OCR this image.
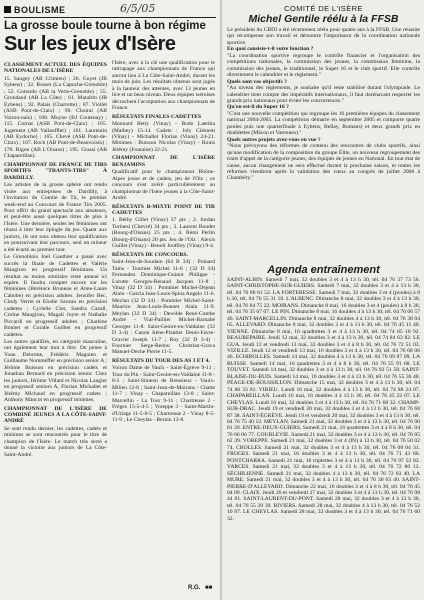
BOULISME	6/5/05
La grosse boule tourne à bon régime
Sur les jeux d'Isère

CLASSEMENT ACTUEL DES ÉQUIPES NATIONALES DE L'ISÈRE

15. Saugey (AB Crimieu) ; 26. Guyet (JB Sybens) ; 32. Rosset (La Capuche-Grenoble) ; 52. Gottardo (AB la Verte-Grenoble) ; 55. Grondand (AB La Côte) ; 61. Mandrin (JB Eybens) ; 92. Palais (Charrette) ; 87. Viollet (ASB Pont-de-Claix) ; 90. Choiral (AB Voiron-nais) ; 108. Moyne (BJ Coutenay) ; 115. Cornat (ASB Pont-de-Claix) ; 165. Jugement (AB Vallauffler) ; 161. Laurentin (AB Eydoche) ; 165. Chevé (ASB Pont-de-Claix) ; 167. Roch (AB Pont-de-Beauvoisin) ; 170. Rigon (AB L'Oisans) ; 195. Grassi (AB Chapareillan).

CHAMPIONNAT DE FRANCE DE TIRS SPORTIFS "TRANTS-TIRS" À DARDILLY.

Les artistes de la grosse sphère ont rendu visite aux entreprises de Dardilly, à l'invitation du Comité de Tir, le premier week-end au Concours de France Tirs 2005. Pour offrir du grand spectacle aux amateurs, et peut-être aussi quelques titres de plus à l'Isère. Une dernière, seules les féminines ont réussi à tirer leur épingle du jeu. Quant aux juniors, ils ont tous obtenu leur qualification en poursuivant leur parcours, seul un mineur a été écarté au premier tour.

Le Grenoblois Joel Gauthier a passé avec succès la finale de Cadettes et Valérie Maugiron en progressif féminines. Un résultat au moins similaire reste amené ici espère. Il faudra compter encore sur les féminines (Bérénice Bruneau et Anne-Laure Cabobe) en précision adultes. Jennifer Bec, Cindy Verret et Elodie Saveau en précision cadettes ; Cyrielle Clot, Sandra Cazall, Corine Maugiron, Magali Joyre et Nathalie Piccardi en progressif adultes ; Charlène Bonnet et Coralie Guilhet en progressif cadettes.

Les autres qualifiés, en catégorie masculine, ont également leur mot à dire. On pense à Yoan Delorme, Frédéric Magnien et Guillaume Nomméffer en précision senior A ; Jérôme Buisson en précision cadets et Jonathan Bernard en précision senior. Chez les juniors, Jérôme Villard et Nicolas Langier en progressif seniors A, Florian Michallet et Jérémy Michaud en progressif cadets ; Anthony Mancot en progressif minimes.

CHAMPIONNAT DE L'ISÈRE DE COMBINÉ JEUNES À LA CÔTE-SAINT-ANDRÉ

Se sont rendu dernier, les cadettes, cadets et minimes se sont rencontrés pour le titre de champion de l'Isère. Le match très serré a donné la victoire aux juniors de La Côte-Saint-André.

l'Isère, avec à la clé une qualification pour le rattrapage aux championnats de France qui auront lieu à La Côte-Saint-André, durant les mois de juin. Les résultats obtenus sont jugés à la hauteur des attentes, avec 13 jeunes en lice et un beau niveau. Deux équipes iséroises décrochent l'acceptation aux championnats de France.

RÉSULTATS FINALES CADETTES

Monnard Betty (Vinay) - Bodo Laetitia (Mathey) 15-14. Cadets : Joly Clément (Vinay) - Michallet Florian (Vinay) 24-21. Minimes : Buisson Nicolas (Vinay) - Rouis Jérémy (Fontaine) 22-21.

CHAMPIONNAT DE L'ISÈRE BENJAMINS

Qualificatif pour le championnat Rhône-Alpes jeune et de cadets, jeu de l'Oiz ; ce concours s'est avéré particulièrement au championnat de l'Isère jeunes à la Côte-Saint-André.

RÉSULTATS B-MIXTE POINT DE TIR CADETTES

1. Béthy Gillet (Vinay) 37 pts ; 2. Jordan Torinesi (Chevré) 34 pts ; 3. Laurent Boudet (Bourg-d'Oisans) 25 pts ; 4. Rémi Perlin (Bourg-d'Oisans) 20 pts. Jeu de l'Oiz : Alexis Guillet (Vinay) - Benoît Jouffrey (Vinay) 9-4.

RÉSULTATS DE CONCOURS.

Saint-Jean-de-Soudain (64 B 34) : Poinard Tams - Tournier Michel 11-6 ; (32 D 34) Fernandez Dominique-Guinot Philippe - Lurotte Georges-Renaud Jacques 11-8 ; Vinay (32 D 34) : Pommier Michel-Dejean Alain - Garcia Jean-Louis-Spina Angelo 11-6. Meylan (32 D 34) : Pommier Michel-Saint-Maurice Jean-Louis-Bonnet Alain 11-9. Meylan (32 D 34) : Dewilde René-Combe André - Vial-Paillier Michel-Barnabé Georges 11-8. Saint-Geoire-en-Valdaine (32 D 3-4) : Canon Irène-Plantier Denis-Favre-Gravier Joseph 11-7 ; Roy (32 D 3-4) : Fournier Serge-Bedou Christian-Grava Manuel-Deche Pierre 11-5.

RÉSULTATS DU TOUR DES AS 3 ET 4.

Voiron Dame de Vaulx - Saint-Égrève 9-11 ; Tour du Pin - Saint-Geoire-en-Valdaine 11-8 - 8-5 ; Saint-Simeon de Bressieux - Vaulx-Milieu 12-8 ; Saint-Jean-de-Moirans - Chatte 11-7 ; Vinay - Chapareillan 13-8 ; Saint-Marcellin - La Tour 9-11 ; Chartreuse 2 - Fréges 15-5-4-5 ; Voreppe 3 - Saint-Martin-d'Uriage 11-5-8-5 ; Chartreuse 2 - Vinay 8-5-11-9 ; Le Cheylas - Bernin 13-8.

R.G. ■■
COMITÉ DE L'ISÈRE
Michel Gentile réélu à la FFSB

Le président du CBDI a été récemment réélu pour quatre ans à la FFSB. Une réussite qui récompense son travail et démontre l'importance de la coordination nationale sportive.

En quoi consiste-t-il votre fonction ?

"La coordination sportive regroupe le contrôle financier et l'organisation des compétitions nationales, la commission des jeunes, la commission féminine, la commission des jeunes, le traditionnel, le Super 16 et le club sportif. Elle contrôle directement le calendrier et le règlement."

Quels sont vos objectifs ?

"Au niveau des règlements, je souhaite qu'il reste stabilisé durant l'olympiade. Le calendrier tient compte des impératifs internationaux, il faut dorénavant respecter les grands prix nationaux pour éviter les concurrences."

Qu'en est-il du Super 16 ?

"C'est une nouvelle compétition qui regroupe les 16 premières équipes du classement national 2004-2005. La compétition démarre en septembre 2005 et comporte quatre poules puis une quarterfinale à Eybens, Bellay, Romans) et deux grands prix en doublettes (Mâcon et Varennes)."

Quels autres projets avez-vous en vue ?

"Nous prévoyons des réformes de contenu des rencontres de clubs sportifs, ainsi qu'une modification de la composition du groupe Élite, un nouveau regroupement des traits d'appel de la catégorie jeunes, des équipes de jeunes en National. En tout état de cause, aucun changement ne sera effectué durant la prochaine saison, et toutes les réformes viendront après la validation des vœux au congrès de juillet 2006 à Chambéry."

Agenda entraînement

SAINT-ALBIN. Samedi 7 mai, 32 doubles 3 et 4 à 13 h 30, tél. 04 76 37 73 56. SAINT-CHRISTOPHE-SUR-GUIERS. Samedi 7 mai, 32 doubles 3 et 4 à 13 h 30, tél. 04 76 88 61 52. LA FORTERESSE. Samedi 7 mai, 32 doubles 3 et 4 (poules) à 8 h 30, tél. 04 76 55 31 10. L'ALBENC. Dimanche 8 mai, 32 doubles 3 et 4 à 13 h 30, tél. 04 76 64 75 22. MOIRANS. Dimanche 8 mai, 16 doubles 3 et 4 (poules) à 8 h 30, tél. 04 76 35 67 07. LE PIN. Dimanche 8 mai, 16 doubles 4 à 13 h 30, tél. 04 76 06 57 46. SAINT-MARCELLIN. Dimanche 8 mai, 32 doubles 4 à 13 h 30, tél. 04 76 38 04 65. ALLEVARD. Dimanche 8 mai, 32 doubles 3 et 4 à 13 h 30, tél. 04 76 45 11 40. VIENNE. Dimanche 8 mai, 16 quadrettes 3 et 4 à 13 h 30, tél. 04 74 85 18 92. BEAUREPAIRE. Jeudi 12 mai, 32 doubles 3 et 4 à 13 h 30, tél. 04 74 84 63 82. LE GUA. Jeudi 12 et vendredi 13 mai, 32 doubles 3 et 4 à 8 h 30, tél. 04 76 72 51 03. VIZILLE. Jeudi 12 et vendredi 13 mai, 16 doubles 3 et 4 à 13 h 30, tél. 04 76 68 06 46. ECHIROLLES. Samedi 14 mai, 32 doubles 4 à 13 h 30, tél. 04 76 09 87 09. LA BUISSE. Samedi 14 mai, 16 quadrettes 3 et 4 à 8 h 30, tél. 04 76 55 91 68. LE TOUVET. Samedi 14 mai, 32 doubles 3 et 4 à 13 h 30, tél. 04 76 92 51 58. SAINT-BLAISE-DU-BUIS. Samedi 14 mai, 16 doubles 3 et 4 à 13 h 30, tél. 04 76 55 36 48. PÉAGE-DE-ROUSSILLON. Dimanche 15 mai, 32 doubles 3 et 4 à 13 h 30, tél. 04 74 86 33 81. VIRIEU. Lundi 16 mai, 32 doubles 4 à 13 h 30, tél. 04 74 88 24 07. CHAPAREILLAN. Lundi 16 mai, 16 doubles 4 à 13 h 30, tél. 04 76 45 22 07. LE CHEYLAS. Lundi 16 mai, 32 doubles 3 et 4 à 13 h 30, tél. 04 76 71 60 32. CHAMP-SUR-DRAC. Jeudi 19 et vendredi 20 mai, 32 doubles 3 et 4 à 13 h 30, tél. 04 76 68 87 38. SAINT-ÉGRÈVE. Jeudi 19 et vendredi 20 mai, 32 doubles 3 et 4 à 13 h 30, tél. 04 76 75 40 12. MEYLAN. Samedi 21 mai, 32 doubles 3 et 4 à 13 h 30, tél. 04 76 90 81 20. ENTRE-DEUX-GUIERS. Samedi 21 mai, 16 quadrettes 3 et 4 à 8 h 30, tél. 04 76 66 06 77. COUBLEVIE. Samedi 21 mai, 32 doubles 3 et 4 à 13 h 30, tél. 04 76 05 62 39. VOREPPE. Samedi 21 mai, 32 doubles 3 et 4 (IN) à 13 h 30, tél. 04 76 50 02 74. CROLLES. Samedi 21 mai, 32 doubles 3 et 4 à 13 h 30, tél. 04 76 08 04 31. FROGES. Samedi 21 mai, 16 doubles 3 et 4 à 13 h 30, tél. 04 76 71 43 86. PONTCHARRA. Samedi 21 mai, 16 triplettes 3 et 4 à 13 h 30, tél. 04 76 97 52 83. VARCES. Samedi 21 mai, 32 doubles 3 et 4 à 13 h 30, tél. 04 76 72 80 12. SÉCHILIENNE. Samedi 21 mai, 32 doubles 4 à 13 h 30, tél. 04 76 72 03 40. LA MURE. Samedi 21 mai, 32 doubles 3 et 4 à 13 h 30, tél. 04 76 30 63 40. SAINT-PIERRE-D'ALLEVARD. Dimanche 22 mai, 16 doubles 3 et 4 à 8 h 30, tél. 04 76 45 04 09. CLAIX. Jeudi 26 et vendredi 27 mai, 32 doubles 3 et 4 à 13 h 30, tél. 04 76 98 44 81. SAINT-LAURENT-DU-PONT. Samedi 28 mai, 32 doubles 3 et 4 à 13 h 30, tél. 04 76 55 20 39. BIVIERS. Samedi 28 mai, 32 doubles 4 à 13 h 30, tél. 04 76 52 10 87. LE CHEYLAS. Samedi 28 mai, 32 doubles 3 et 4 à 13 h 30, tél. 04 76 71 60 32.
